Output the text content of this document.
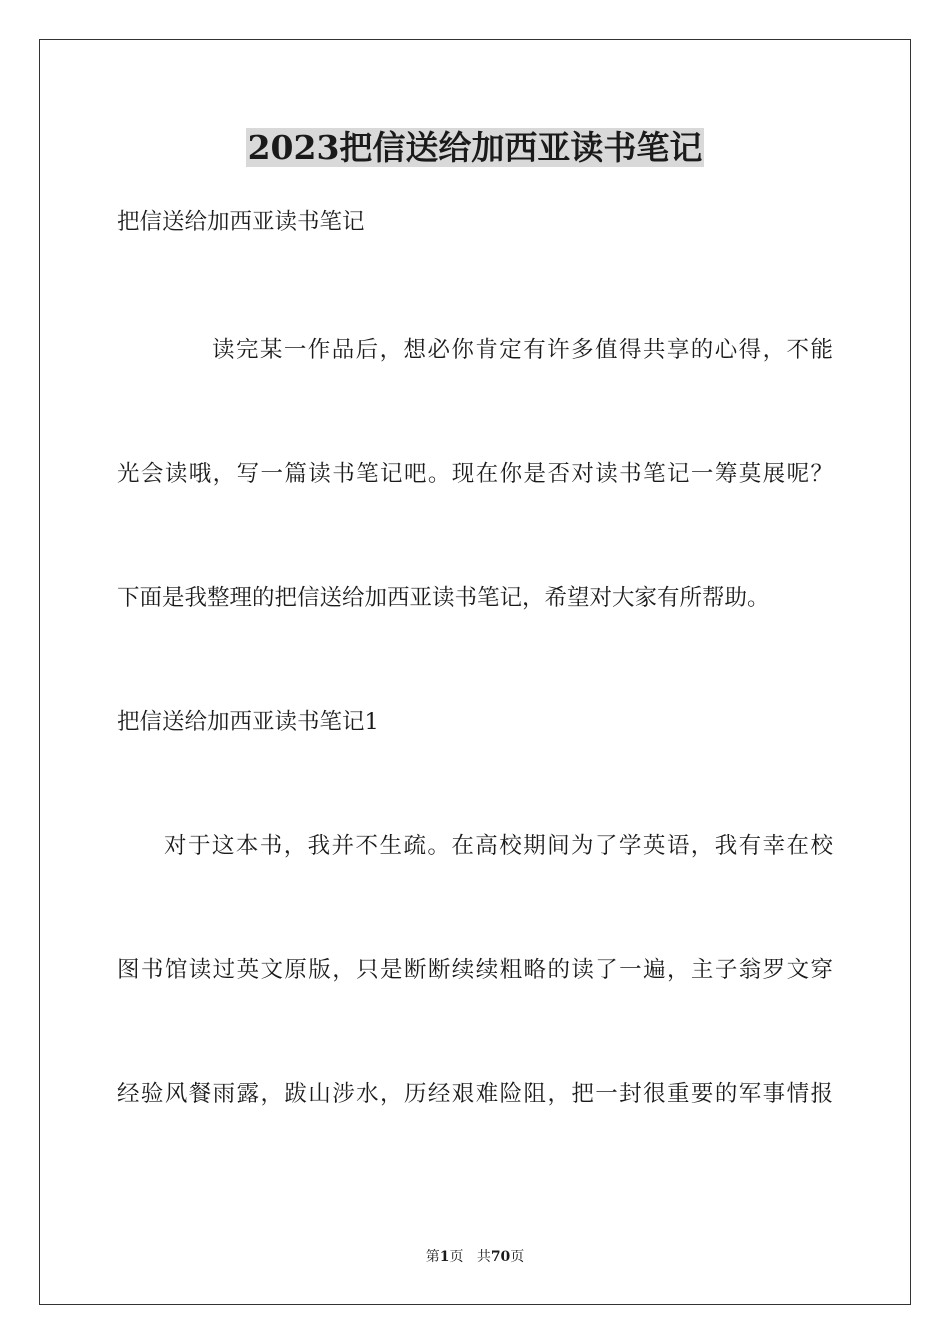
2023把信送给加西亚读书笔记
把信送给加西亚读书笔记
读完某一作品后，想必你肯定有许多值得共享的心得，不能
光会读哦，写一篇读书笔记吧。现在你是否对读书笔记一筹莫展呢？
下面是我整理的把信送给加西亚读书笔记，希望对大家有所帮助。
把信送给加西亚读书笔记1
对于这本书，我并不生疏。在高校期间为了学英语，我有幸在校
图书馆读过英文原版，只是断断续续粗略的读了一遍，主子翁罗文穿
经验风餐雨露，跋山涉水，历经艰难险阻，把一封很重要的军事情报
第1页 共70页
